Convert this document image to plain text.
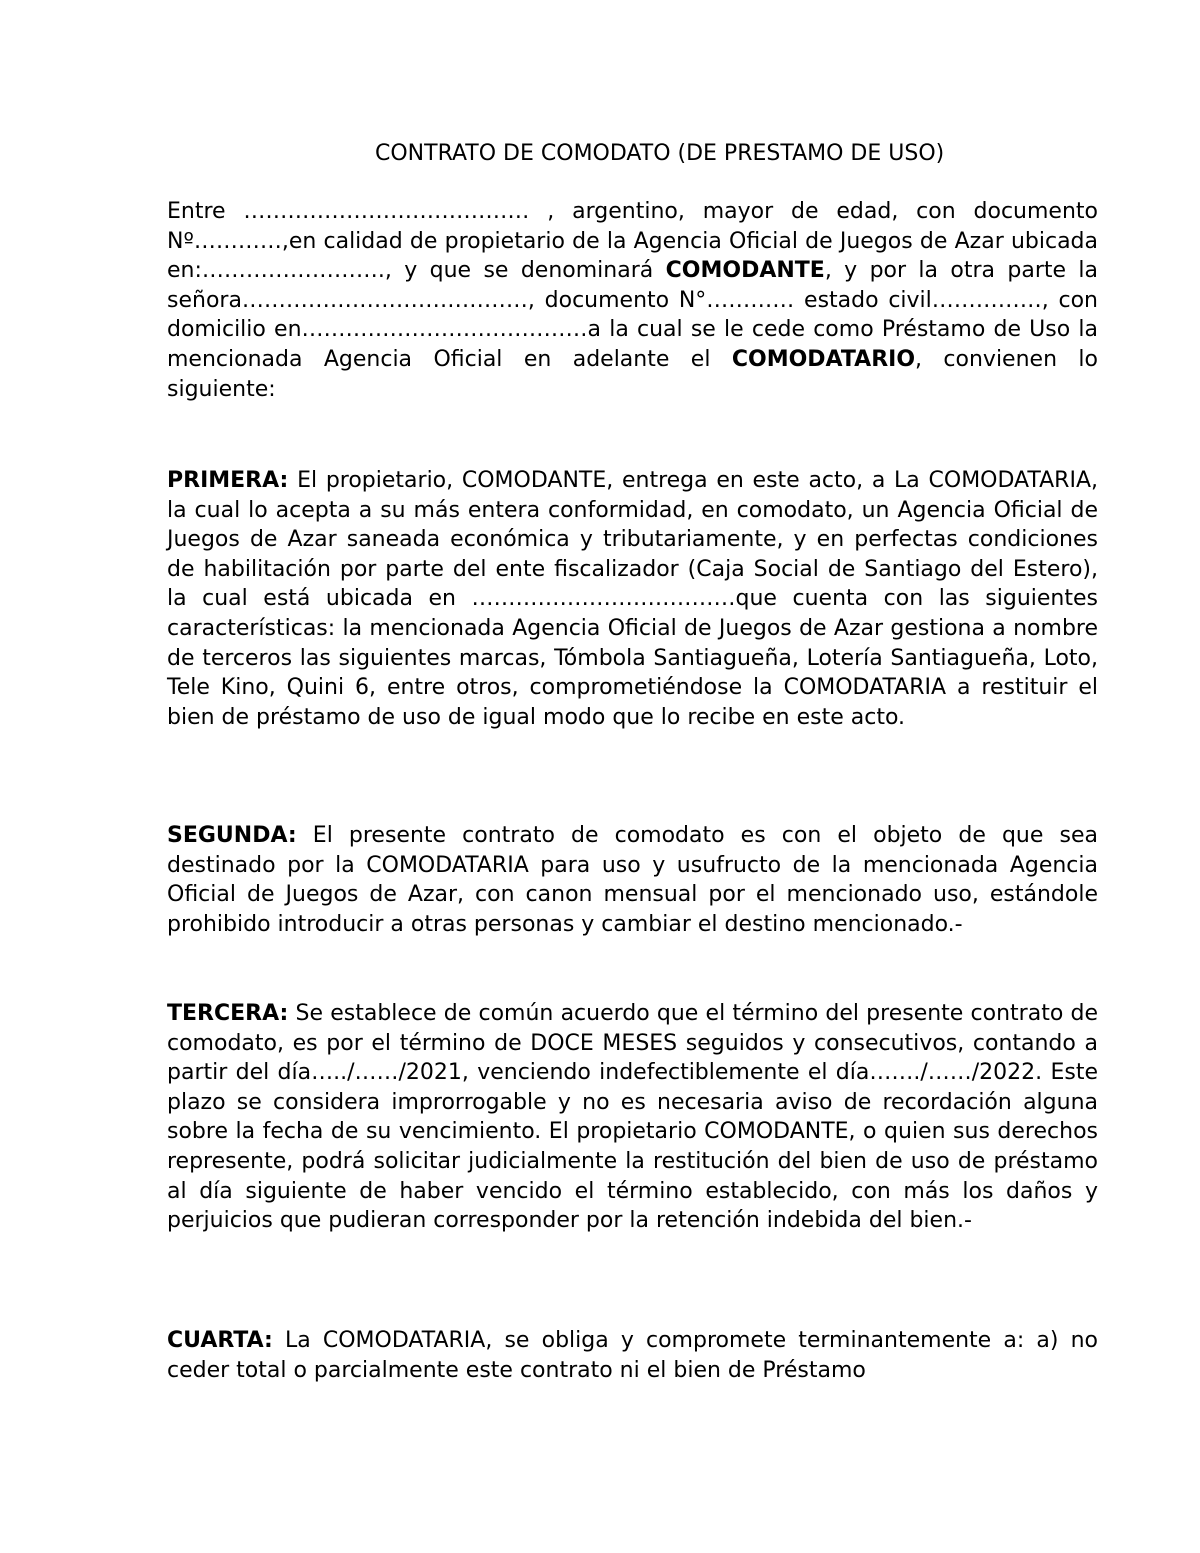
CONTRATO DE COMODATO (DE PRESTAMO DE USO)

Entre ………………………………… , argentino, mayor de edad, con documento Nº…………,en calidad de propietario de la Agencia Oficial de Juegos de Azar ubicada en:……………………., y que se denominará COMODANTE, y por la otra parte la señora…………………………………, documento N°………… estado civil……………, con domicilio en…………………………………a la cual se le cede como Préstamo de Uso la mencionada Agencia Oficial en adelante el COMODATARIO, convienen lo siguiente:

PRIMERA: El propietario, COMODANTE, entrega en este acto, a La COMODATARIA, la cual lo acepta a su más entera conformidad, en comodato, un Agencia Oficial de Juegos de Azar saneada económica y tributariamente, y en perfectas condiciones de habilitación por parte del ente fiscalizador (Caja Social de Santiago del Estero), la cual está ubicada en ………………………………que cuenta con las siguientes características: la mencionada Agencia Oficial de Juegos de Azar gestiona a nombre de terceros las siguientes marcas, Tómbola Santiagueña, Lotería Santiagueña, Loto, Tele Kino, Quini 6, entre otros, comprometiéndose la COMODATARIA a restituir el bien de préstamo de uso de igual modo que lo recibe en este acto.

SEGUNDA: El presente contrato de comodato es con el objeto de que sea destinado por la COMODATARIA para uso y usufructo de la mencionada Agencia Oficial de Juegos de Azar, con canon mensual por el mencionado uso, estándole prohibido introducir a otras personas y cambiar el destino mencionado.-

TERCERA: Se establece de común acuerdo que el término del presente contrato de comodato, es por el término de DOCE MESES seguidos y consecutivos, contando a partir del día…../……/2021, venciendo indefectiblemente el día……./……/2022. Este plazo se considera improrrogable y no es necesaria aviso de recordación alguna sobre la fecha de su vencimiento. El propietario COMODANTE, o quien sus derechos represente, podrá solicitar judicialmente la restitución del bien de uso de préstamo al día siguiente de haber vencido el término establecido, con más los daños y perjuicios que pudieran corresponder por la retención indebida del bien.-

CUARTA: La COMODATARIA, se obliga y compromete terminantemente a: a) no ceder total o parcialmente este contrato ni el bien de Préstamo
